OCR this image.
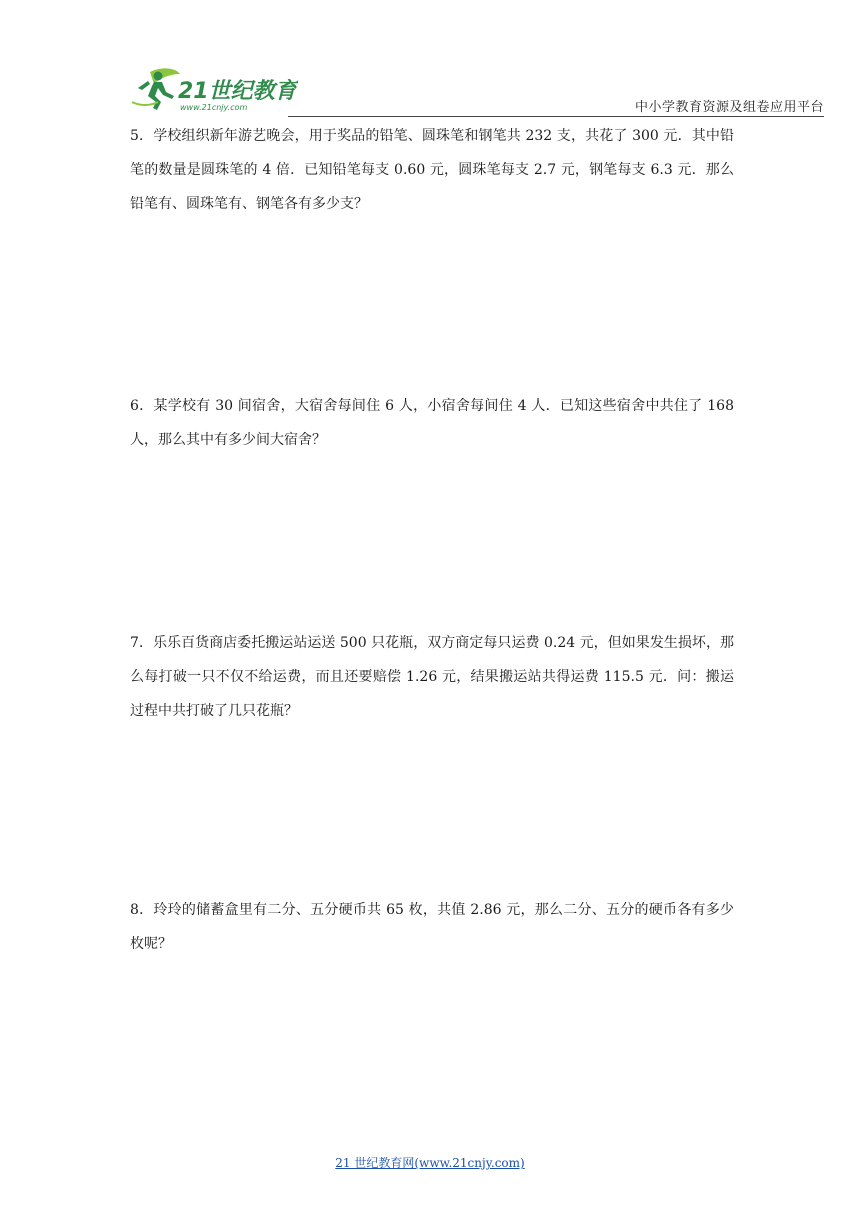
21世纪教育
www.21cnjy.com	中小学教育资源及组卷应用平台
5．学校组织新年游艺晚会，用于奖品的铅笔、圆珠笔和钢笔共 232 支，共花了 300 元．其中铅笔的数量是圆珠笔的 4 倍．已知铅笔每支 0.60 元，圆珠笔每支 2.7 元，钢笔每支 6.3 元．那么铅笔有、圆珠笔有、钢笔各有多少支？
6．某学校有 30 间宿舍，大宿舍每间住 6 人，小宿舍每间住 4 人．已知这些宿舍中共住了 168 人，那么其中有多少间大宿舍？
7．乐乐百货商店委托搬运站运送 500 只花瓶，双方商定每只运费 0.24 元，但如果发生损坏，那么每打破一只不仅不给运费，而且还要赔偿 1.26 元，结果搬运站共得运费 115.5 元．问：搬运过程中共打破了几只花瓶？
8．玲玲的储蓄盒里有二分、五分硬币共 65 枚，共值 2.86 元，那么二分、五分的硬币各有多少枚呢？
21 世纪教育网(www.21cnjy.com)
